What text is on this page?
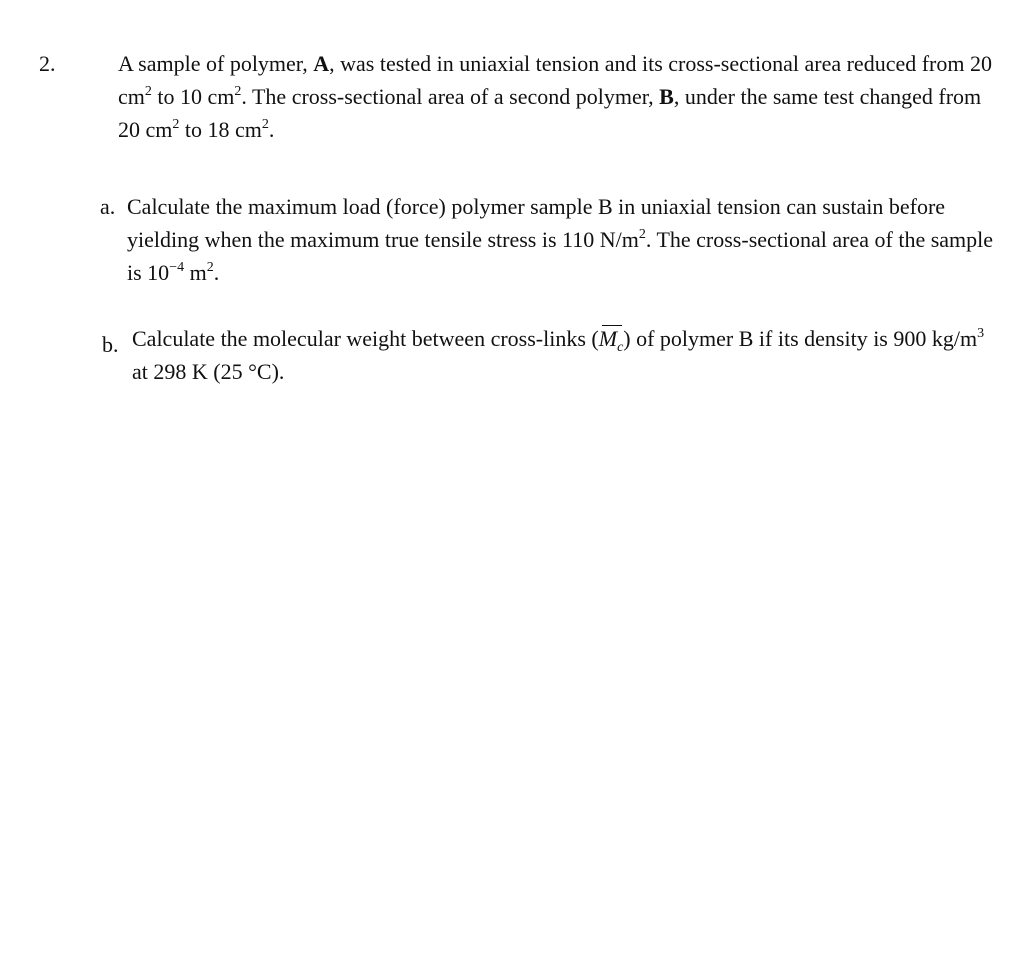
2.	A sample of polymer, A, was tested in uniaxial tension and its cross-sectional area reduced from 20 $cm^2$ to 10 $cm^2$. The cross-sectional area of a second polymer, B, under the same test changed from 20 $cm^2$ to 18 $cm^2$.
a. Calculate the maximum load (force) polymer sample B in uniaxial tension can sustain before yielding when the maximum true tensile stress is 110 $N/m^2$. The cross-sectional area of the sample is $10^{-4}$ $m^2$.
b. Calculate the molecular weight between cross-links $(M_c)$ of polymer B if its density is 900 $kg/m^3$ at 298 K (25 °C).
